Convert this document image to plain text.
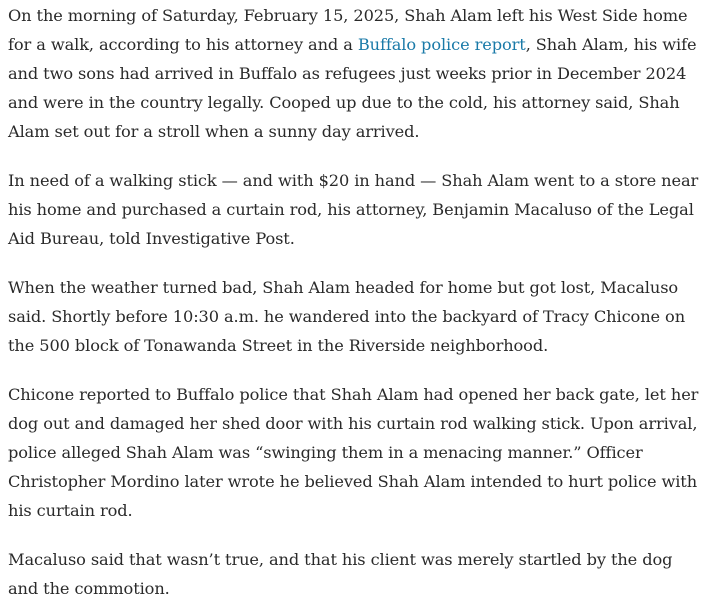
On the morning of Saturday, February 15, 2025, Shah Alam left his West Side home for a walk, according to his attorney and a Buffalo police report, Shah Alam, his wife and two sons had arrived in Buffalo as refugees just weeks prior in December 2024 and were in the country legally. Cooped up due to the cold, his attorney said, Shah Alam set out for a stroll when a sunny day arrived.

In need of a walking stick — and with $20 in hand — Shah Alam went to a store near his home and purchased a curtain rod, his attorney, Benjamin Macaluso of the Legal Aid Bureau, told Investigative Post.

When the weather turned bad, Shah Alam headed for home but got lost, Macaluso said. Shortly before 10:30 a.m. he wandered into the backyard of Tracy Chicone on the 500 block of Tonawanda Street in the Riverside neighborhood.

Chicone reported to Buffalo police that Shah Alam had opened her back gate, let her dog out and damaged her shed door with his curtain rod walking stick. Upon arrival, police alleged Shah Alam was “swinging them in a menacing manner.” Officer Christopher Mordino later wrote he believed Shah Alam intended to hurt police with his curtain rod.

Macaluso said that wasn’t true, and that his client was merely startled by the dog and the commotion.
